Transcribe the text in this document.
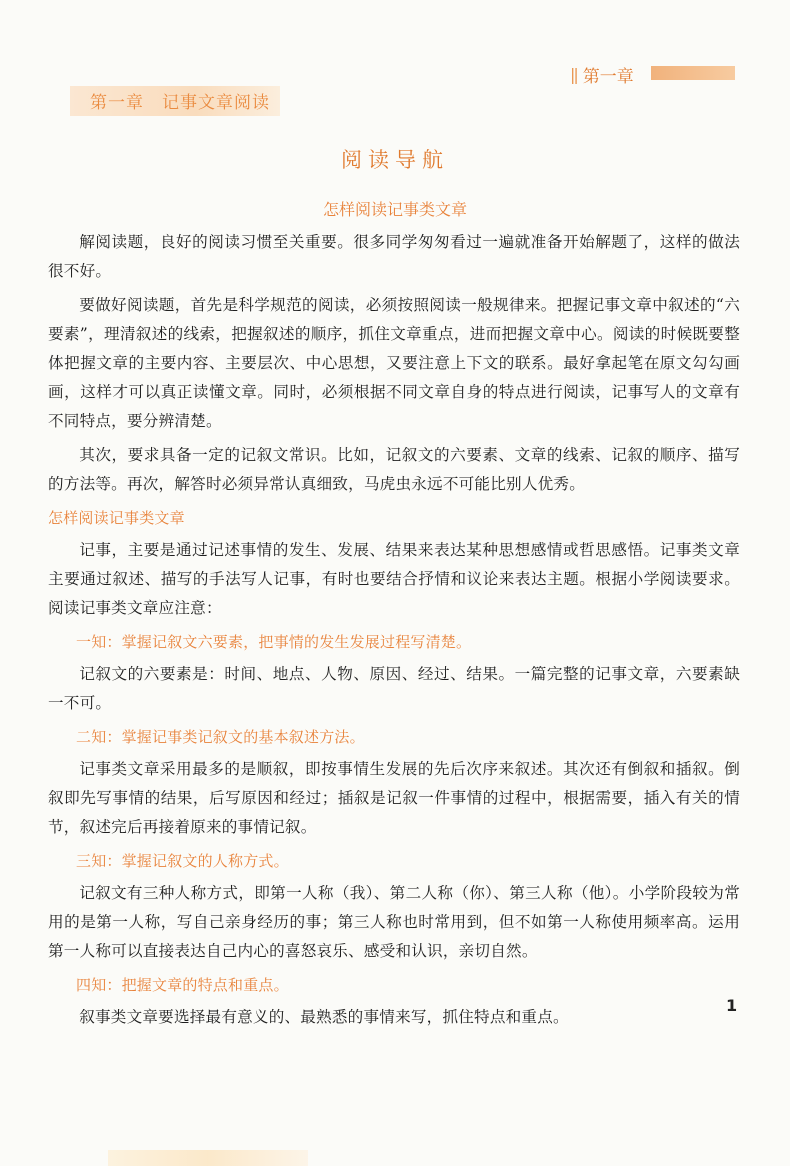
|| 第一章
第一章　记事文章阅读
阅读导航
怎样阅读记事类文章

解阅读题，良好的阅读习惯至关重要。很多同学匆匆看过一遍就准备开始解题了，这样的做法很不好。

要做好阅读题，首先是科学规范的阅读，必须按照阅读一般规律来。把握记事文章中叙述的“六要素”，理清叙述的线索，把握叙述的顺序，抓住文章重点，进而把握文章中心。阅读的时候既要整体把握文章的主要内容、主要层次、中心思想，又要注意上下文的联系。最好拿起笔在原文勾勾画画，这样才可以真正读懂文章。同时，必须根据不同文章自身的特点进行阅读，记事写人的文章有不同特点，要分辨清楚。

其次，要求具备一定的记叙文常识。比如，记叙文的六要素、文章的线索、记叙的顺序、描写的方法等。再次，解答时必须异常认真细致，马虎虫永远不可能比别人优秀。

怎样阅读记事类文章

记事，主要是通过记述事情的发生、发展、结果来表达某种思想感情或哲思感悟。记事类文章主要通过叙述、描写的手法写人记事，有时也要结合抒情和议论来表达主题。根据小学阅读要求。阅读记事类文章应注意：

一知：掌握记叙文六要素，把事情的发生发展过程写清楚。

记叙文的六要素是：时间、地点、人物、原因、经过、结果。一篇完整的记事文章，六要素缺一不可。

二知：掌握记事类记叙文的基本叙述方法。

记事类文章采用最多的是顺叙，即按事情生发展的先后次序来叙述。其次还有倒叙和插叙。倒叙即先写事情的结果，后写原因和经过；插叙是记叙一件事情的过程中，根据需要，插入有关的情节，叙述完后再接着原来的事情记叙。

三知：掌握记叙文的人称方式。

记叙文有三种人称方式，即第一人称（我）、第二人称（你）、第三人称（他）。小学阶段较为常用的是第一人称，写自己亲身经历的事；第三人称也时常用到，但不如第一人称使用频率高。运用第一人称可以直接表达自己内心的喜怒哀乐、感受和认识，亲切自然。

四知：把握文章的特点和重点。

叙事类文章要选择最有意义的、最熟悉的事情来写，抓住特点和重点。

1
